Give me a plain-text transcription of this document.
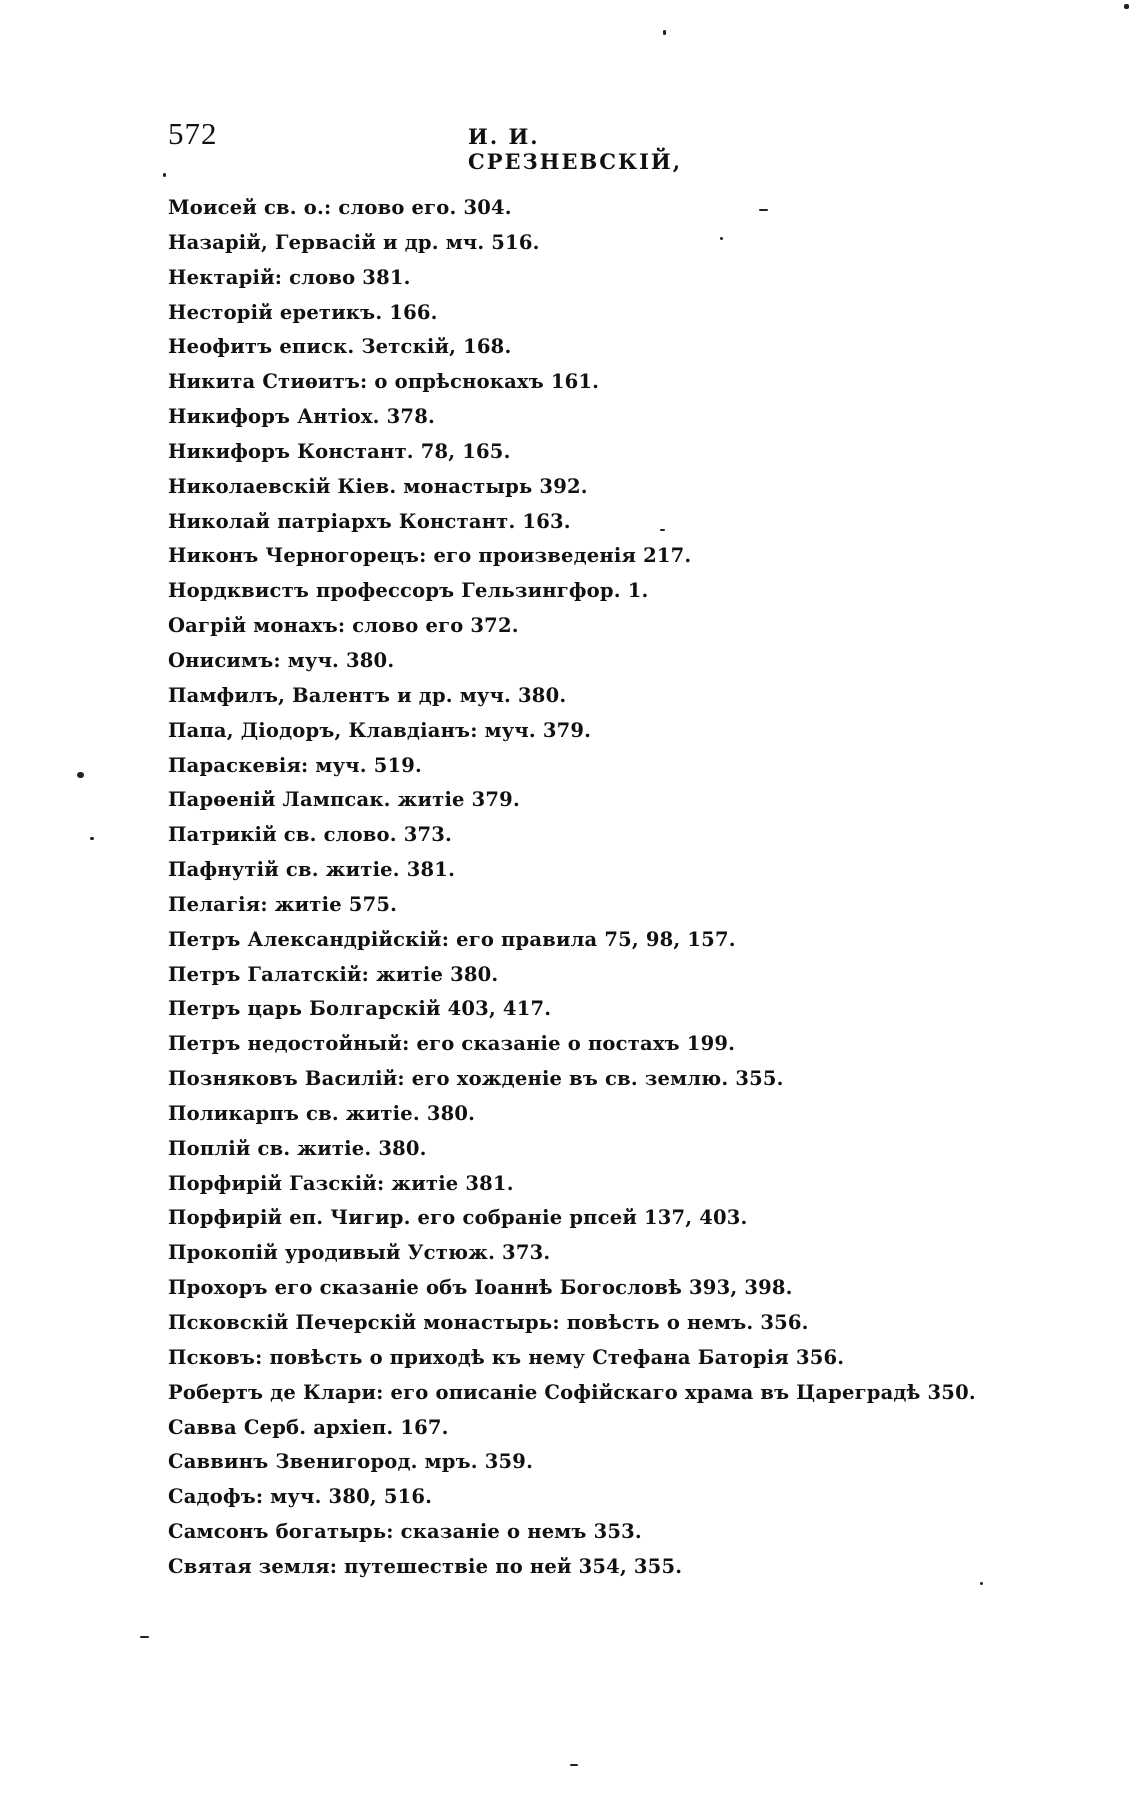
572	И. И. СРЕЗНЕВСКІЙ,
Моисей св. о.: слово его. 304.
Назарій, Гервасій и др. мч. 516.
Нектарій: слово 381.
Несторій еретикъ. 166.
Неофитъ еписк. Зетскій, 168.
Никита Стиѳитъ: о опрѣснокахъ 161.
Никифоръ Антіох. 378.
Никифоръ Констант. 78, 165.
Николаевскій Кіев. монастырь 392.
Николай патріархъ Констант. 163.
Никонъ Черногорецъ: его произведенія 217.
Нордквистъ профессоръ Гельзингфор. 1.
Оагрій монахъ: слово его 372.
Онисимъ: муч. 380.
Памфилъ, Валентъ и др. муч. 380.
Папа, Діодоръ, Клавдіанъ: муч. 379.
Параскевія: муч. 519.
Парѳеній Лампсак. житіе 379.
Патрикій св. слово. 373.
Пафнутій св. житіе. 381.
Пелагія: житіе 575.
Петръ Александрійскій: его правила 75, 98, 157.
Петръ Галатскій: житіе 380.
Петръ царь Болгарскій 403, 417.
Петръ недостойный: его сказаніе о постахъ 199.
Позняковъ Василій: его хожденіе въ св. землю. 355.
Поликарпъ св. житіе. 380.
Поплій св. житіе. 380.
Порфирій Газскій: житіе 381.
Порфирій еп. Чигир. его собраніе рпсей 137, 403.
Прокопій уродивый Устюж. 373.
Прохоръ его сказаніе объ Іоаннѣ Богословѣ 393, 398.
Псковскій Печерскій монастырь: повѣсть о немъ. 356.
Псковъ: повѣсть о приходѣ къ нему Стефана Баторія 356.
Робертъ де Клари: его описаніе Софійскаго храма въ Цареградѣ 350.
Савва Серб. архіеп. 167.
Саввинъ Звенигород. мръ. 359.
Садофъ: муч. 380, 516.
Самсонъ богатырь: сказаніе о немъ 353.
Святая земля: путешествіе по ней 354, 355.
